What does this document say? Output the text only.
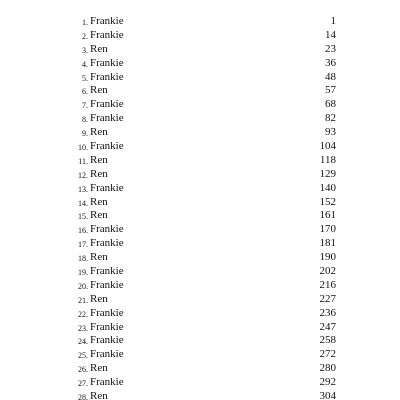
1. Frankie	1
2. Frankie	14
3. Ren	23
4. Frankie	36
5. Frankie	48
6. Ren	57
7. Frankie	68
8. Frankie	82
9. Ren	93
10. Frankie	104
11. Ren	118
12. Ren	129
13. Frankie	140
14. Ren	152
15. Ren	161
16. Frankie	170
17. Frankie	181
18. Ren	190
19. Frankie	202
20. Frankie	216
21. Ren	227
22. Frankie	236
23. Frankie	247
24. Frankie	258
25. Frankie	272
26. Ren	280
27. Frankie	292
28. Ren	304
